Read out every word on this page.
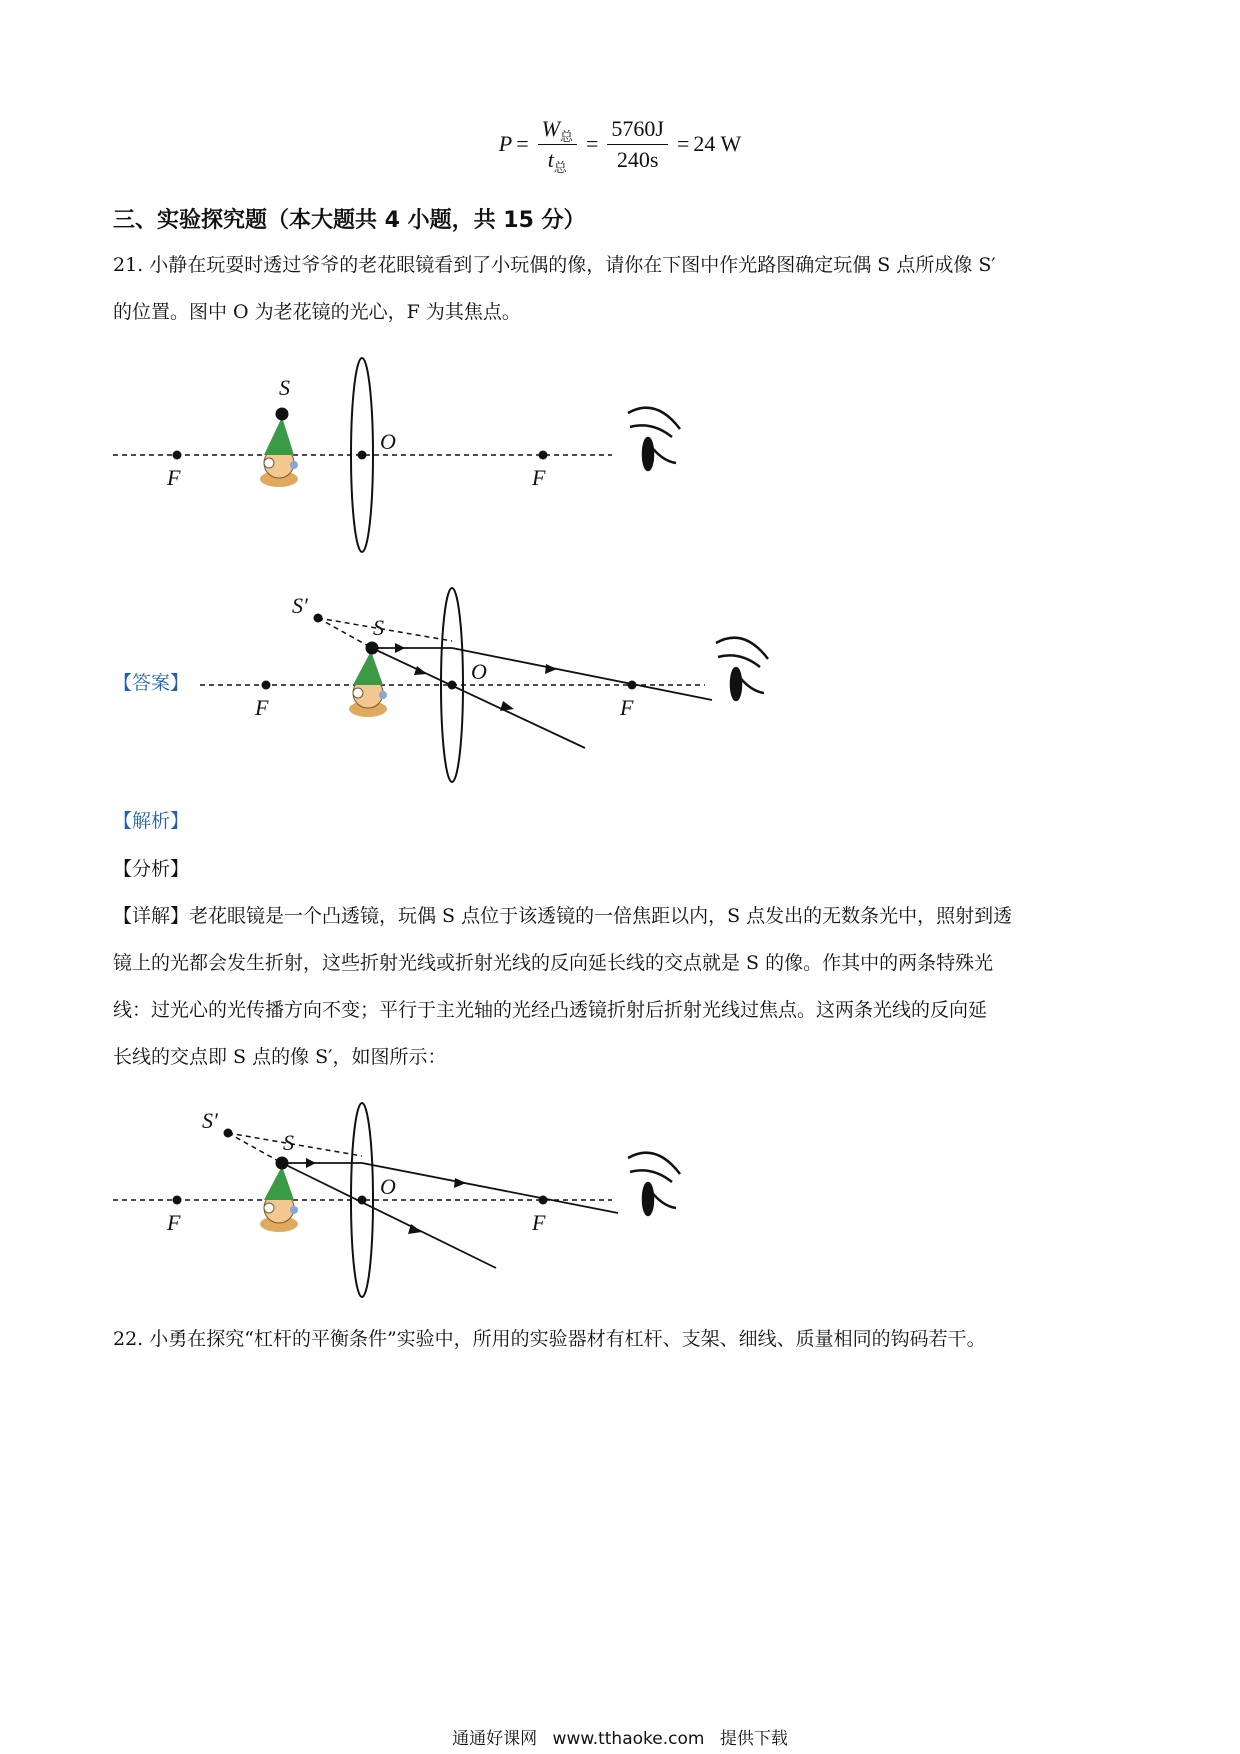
$P = \frac{W_总}{t_总} = \frac{5760J}{240s} = 24$ W
三、实验探究题（本大题共 4 小题，共 15 分）
21. 小静在玩耍时透过爷爷的老花眼镜看到了小玩偶的像，请你在下图中作光路图确定玩偶 S 点所成像 S′
的位置。图中 O 为老花镜的光心，F 为其焦点。
S
O
F	F
S′
S
O
F	F
【答案】
【解析】
【分析】
【详解】老花眼镜是一个凸透镜，玩偶 S 点位于该透镜的一倍焦距以内，S 点发出的无数条光中，照射到透
镜上的光都会发生折射，这些折射光线或折射光线的反向延长线的交点就是 S 的像。作其中的两条特殊光
线：过光心的光传播方向不变；平行于主光轴的光经凸透镜折射后折射光线过焦点。这两条光线的反向延
长线的交点即 S 点的像 S′，如图所示：
S′
S
O
F	F
22. 小勇在探究“杠杆的平衡条件”实验中，所用的实验器材有杠杆、支架、细线、质量相同的钩码若干。
通通好课网 www.tthaoke.com 提供下载
